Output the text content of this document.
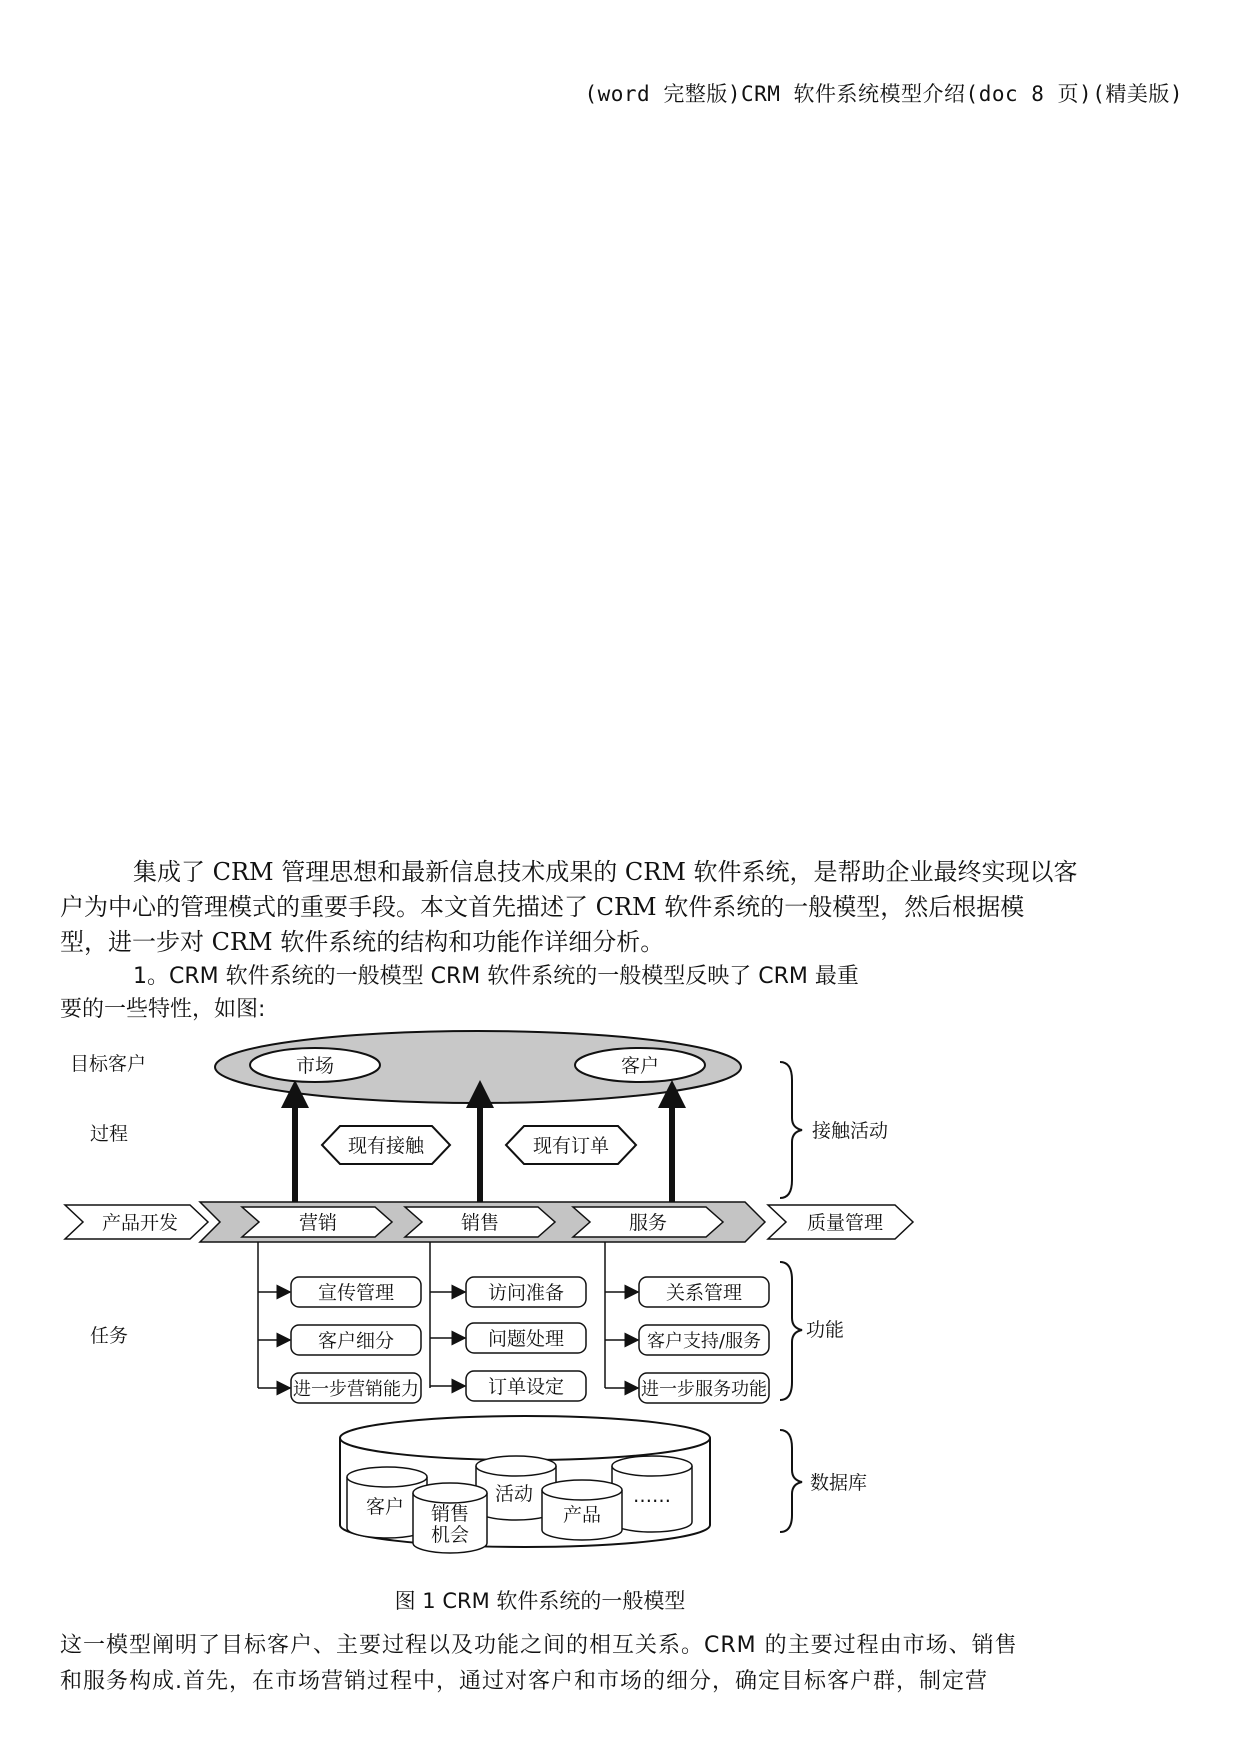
(word 完整版)CRM 软件系统模型介绍(doc 8 页)(精美版)
集成了 CRM 管理思想和最新信息技术成果的 CRM 软件系统，是帮助企业最终实现以客
户为中心的管理模式的重要手段。本文首先描述了 CRM 软件系统的一般模型，然后根据模
型，进一步对 CRM 软件系统的结构和功能作详细分析。
1。CRM 软件系统的一般模型 CRM 软件系统的一般模型反映了 CRM 最重
要的一些特性，如图:
目标客户
过程
任务
市场	客户
现有接触	现有订单
接触活动
产品开发	营销	销售	服务	质量管理
宣传管理
客户细分
进一步营销能力
访问准备
问题处理
订单设定
关系管理
客户支持/服务
进一步服务功能
功能
客户
活动
销售
机会
……
产品
数据库
图 1 CRM 软件系统的一般模型
这一模型阐明了目标客户、主要过程以及功能之间的相互关系。CRM 的主要过程由市场、销售
和服务构成.首先，在市场营销过程中，通过对客户和市场的细分，确定目标客户群，制定营
